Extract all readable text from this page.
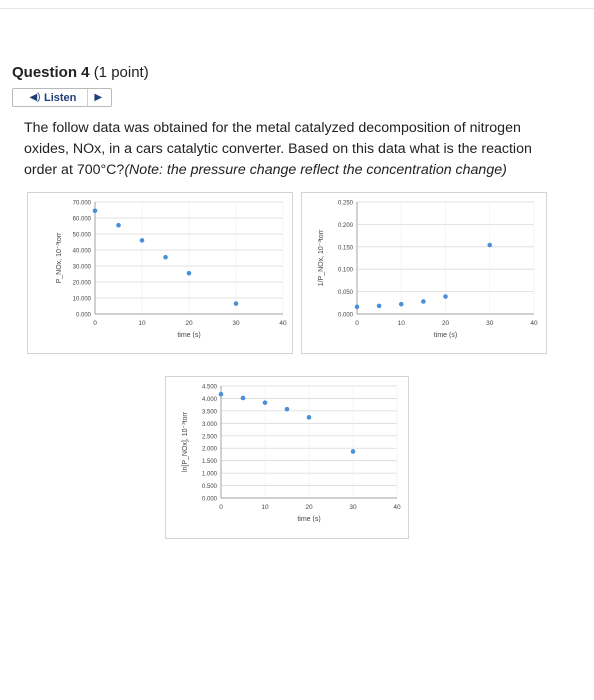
Question 4 (1 point)
◀) Listen ▶
The follow data was obtained for the metal catalyzed decomposition of nitrogen oxides, NOx, in a cars catalytic converter. Based on this data what is the reaction order at 700°C?(Note: the pressure change reflect the concentration change)
0.000
10.000
20.000
30.000
40.000
50.000
60.000
70.000
0	10	20	30	40
time (s)
P_NOx, 10⁻³torr
0.000
0.050
0.100
0.150
0.200
0.250
0	10	20	30	40
time (s)
1/P_NOx, 10⁻³torr
0.000
0.500
1.000
1.500
2.000
2.500
3.000
3.500
4.000
4.500
0	10	20	30	40
time (s)
ln[P_NOx], 10⁻³torr
